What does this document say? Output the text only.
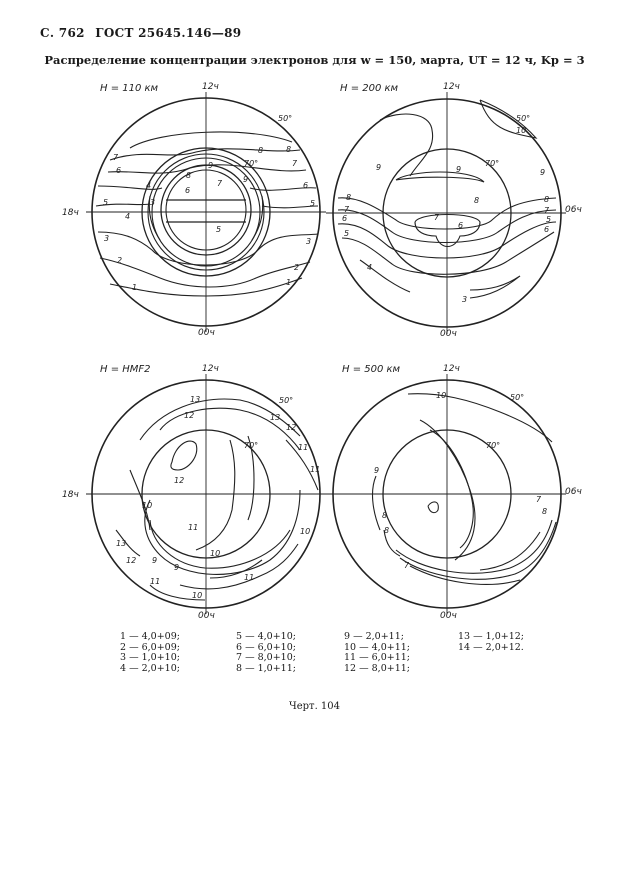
С. 762 ГОСТ 25645.146—89
Распределение концентрации электронов для w = 150, марта, UT = 12 ч, Kp = 3
H = 110 км	12ч
00ч
18ч
50°
70°
1
2
3
4
5
6
7
8
9
6
7
8	9
3
4
5
5
6
7
8
1
2
3
H = 200 км	12ч
00ч
06ч
50°
70°
10
9	9
8
7
6
8
7
6
5
4
3
9
7
5
6
8
H = HMF2	12ч
00ч
18ч
50°
70°
13
12
12
11
10
10
13
12
11
9
10
11
11
12
13
11
10
9
H = 500 км	12ч
00ч
06ч
50°
70°
10
9
8	8
7
8
7
1 — 4,0+09;
2 — 6,0+09;
3 — 1,0+10;
4 — 2,0+10;
5 — 4,0+10;
6 — 6,0+10;
7 — 8,0+10;
8 — 1,0+11;
9 — 2,0+11;
10 — 4,0+11;
11 — 6,0+11;
12 — 8,0+11;
13 — 1,0+12;
14 — 2,0+12.
Черт. 104
